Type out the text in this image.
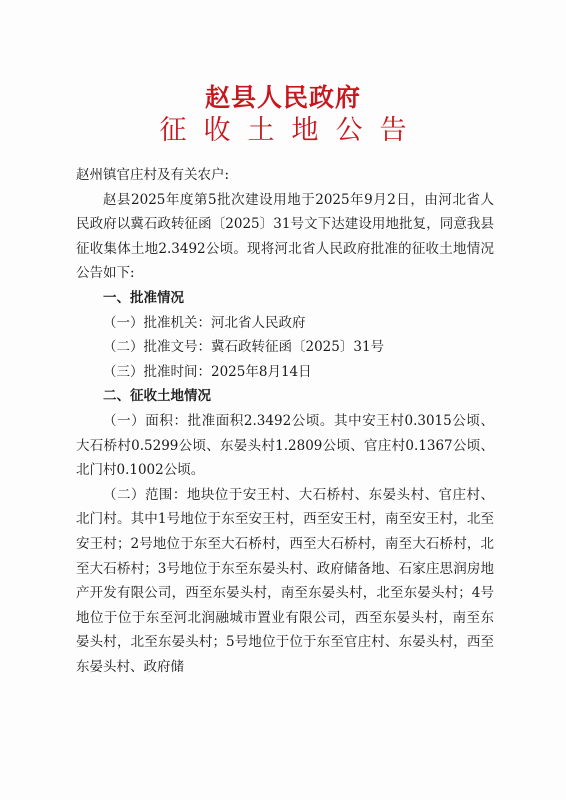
赵县人民政府
征收土地公告

赵州镇官庄村及有关农户:

赵县2025年度第5批次建设用地于2025年9月2日，由河北省人民政府以冀石政转征函〔2025〕31号文下达建设用地批复，同意我县征收集体土地2.3492公顷。现将河北省人民政府批准的征收土地情况公告如下:

一、批准情况

（一）批准机关：河北省人民政府

（二）批准文号：冀石政转征函〔2025〕31号

（三）批准时间：2025年8月14日

二、征收土地情况

（一）面积：批准面积2.3492公顷。其中安王村0.3015公顷、大石桥村0.5299公顷、东晏头村1.2809公顷、官庄村0.1367公顷、北门村0.1002公顷。

（二）范围：地块位于安王村、大石桥村、东晏头村、官庄村、北门村。其中1号地位于东至安王村，西至安王村，南至安王村，北至安王村；2号地位于东至大石桥村，西至大石桥村，南至大石桥村，北至大石桥村；3号地位于东至东晏头村、政府储备地、石家庄思润房地产开发有限公司，西至东晏头村，南至东晏头村，北至东晏头村；4号地位于位于东至河北润融城市置业有限公司，西至东晏头村，南至东晏头村，北至东晏头村；5号地位于位于东至官庄村、东晏头村，西至东晏头村、政府储
